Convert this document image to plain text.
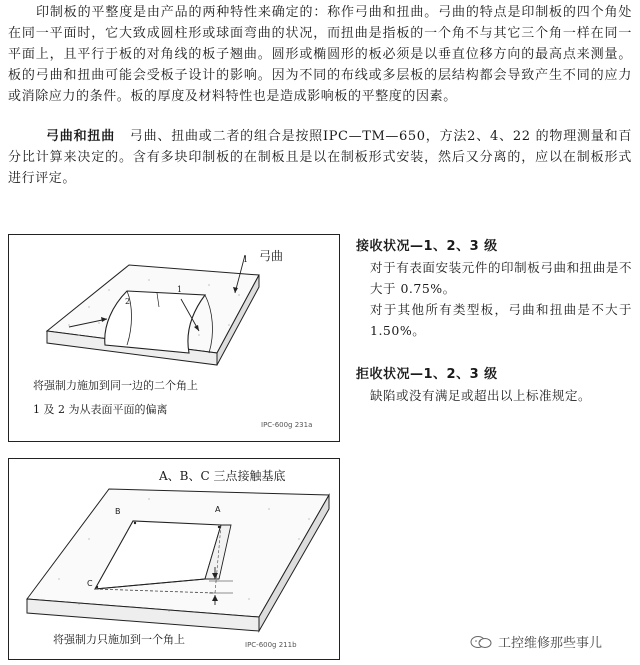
印制板的平整度是由产品的两种特性来确定的：称作弓曲和扭曲。弓曲的特点是印制板的四个角处在同一平面时，它大致成圆柱形或球面弯曲的状况，而扭曲是指板的一个角不与其它三个角一样在同一平面上，且平行于板的对角线的板子翘曲。圆形或椭圆形的板必须是以垂直位移方向的最高点来测量。板的弓曲和扭曲可能会受板子设计的影响。因为不同的布线或多层板的层结构都会导致产生不同的应力或消除应力的条件。板的厚度及材料特性也是造成影响板的平整度的因素。

弓曲和扭曲 弓曲、扭曲或二者的组合是按照IPC—TM—650，方法2、4、22 的物理测量和百分比计算来决定的。含有多块印制板的在制板且是以在制板形式安装，然后又分离的，应以在制板形式进行评定。

弓曲
1
2
1
将强制力施加到同一边的二个角上
1 及 2 为从表面平面的偏离
IPC-600g 231a
A、B、C 三点接触基底
A
B
C
将强制力只施加到一个角上	IPC-600g 211b
接收状况—1、2、3 级

对于有表面安装元件的印制板弓曲和扭曲是不大于 0.75%。

对于其他所有类型板，弓曲和扭曲是不大于 1.50%。

拒收状况—1、2、3 级

缺陷或没有满足或超出以上标准规定。

工控维修那些事儿
